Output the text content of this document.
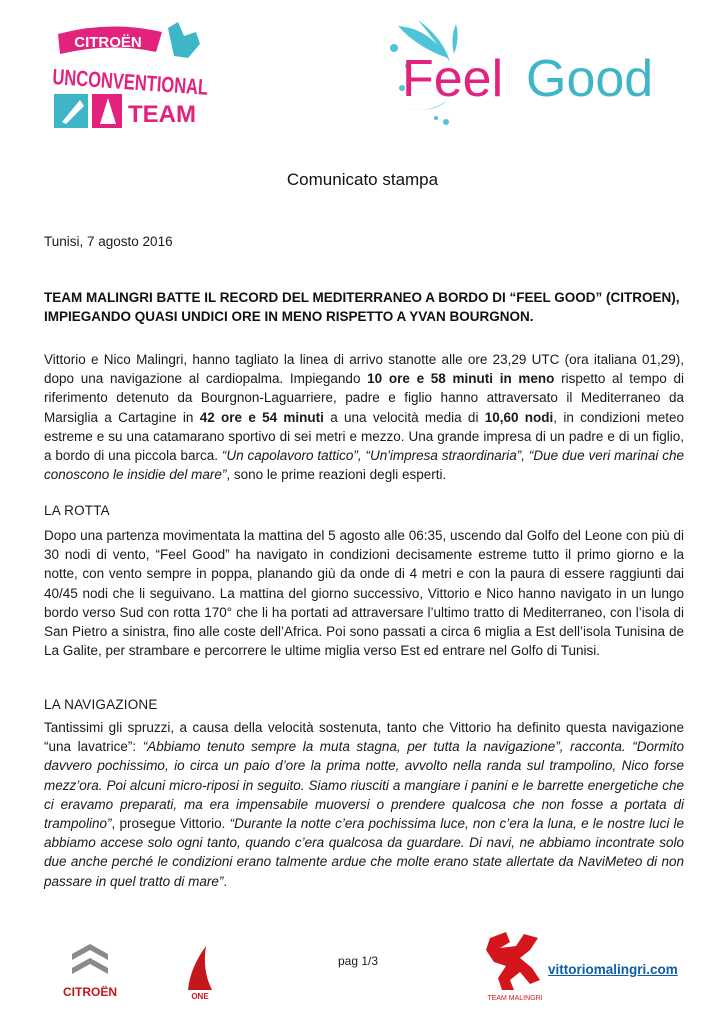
CITROËN
UNCONVENTIONAL
TEAM
Feel Good
Comunicato stampa
Tunisi, 7 agosto 2016
TEAM MALINGRI BATTE IL RECORD DEL MEDITERRANEO A BORDO DI “FEEL GOOD” (CITROEN), IMPIEGANDO QUASI UNDICI ORE IN MENO RISPETTO A YVAN BOURGNON.
Vittorio e Nico Malingri, hanno tagliato la linea di arrivo stanotte alle ore 23,29 UTC (ora italiana 01,29), dopo una navigazione al cardiopalma. Impiegando 10 ore e 58 minuti in meno rispetto al tempo di riferimento detenuto da Bourgnon-Laguarriere, padre e figlio hanno attraversato il Mediterraneo da Marsiglia a Cartagine in 42 ore e 54 minuti a una velocità media di 10,60 nodi, in condizioni meteo estreme e su una catamarano sportivo di sei metri e mezzo. Una grande impresa di un padre e di un figlio, a bordo di una piccola barca. “Un capolavoro tattico”, “Un'impresa straordinaria”, “Due due veri marinai che conoscono le insidie del mare”, sono le prime reazioni degli esperti.
LA ROTTA
Dopo una partenza movimentata la mattina del 5 agosto alle 06:35, uscendo dal Golfo del Leone con più di 30 nodi di vento, “Feel Good” ha navigato in condizioni decisamente estreme tutto il primo giorno e la notte, con vento sempre in poppa, planando giù da onde di 4 metri e con la paura di essere raggiunti dai 40/45 nodi che li seguivano. La mattina del giorno successivo, Vittorio e Nico hanno navigato in un lungo bordo verso Sud con rotta 170° che li ha portati ad attraversare l’ultimo tratto di Mediterraneo, con l’isola di San Pietro a sinistra, fino alle coste dell’Africa. Poi sono passati a circa 6 miglia a Est dell’isola Tunisina de La Galite, per strambare e percorrere le ultime miglia verso Est ed entrare nel Golfo di Tunisi.
LA NAVIGAZIONE
Tantissimi gli spruzzi, a causa della velocità sostenuta, tanto che Vittorio ha definito questa navigazione “una lavatrice”: “Abbiamo tenuto sempre la muta stagna, per tutta la navigazione”, racconta. “Dormito davvero pochissimo, io circa un paio d’ore la prima notte, avvolto nella randa sul trampolino, Nico forse mezz’ora. Poi alcuni micro-riposi in seguito. Siamo riusciti a mangiare i panini e le barrette energetiche che ci eravamo preparati, ma era impensabile muoversi o prendere qualcosa che non fosse a portata di trampolino”, prosegue Vittorio. “Durante la notte c’era pochissima luce, non c’era la luna, e le nostre luci le abbiamo accese solo ogni tanto, quando c’era qualcosa da guardare. Di navi, ne abbiamo incontrate solo due anche perché le condizioni erano talmente ardue che molte erano state allertate da NaviMeteo di non passare in quel tratto di mare”.
CITROËN	ONE
pag 1/3
TEAM MALINGRI
vittoriomalingri.com
